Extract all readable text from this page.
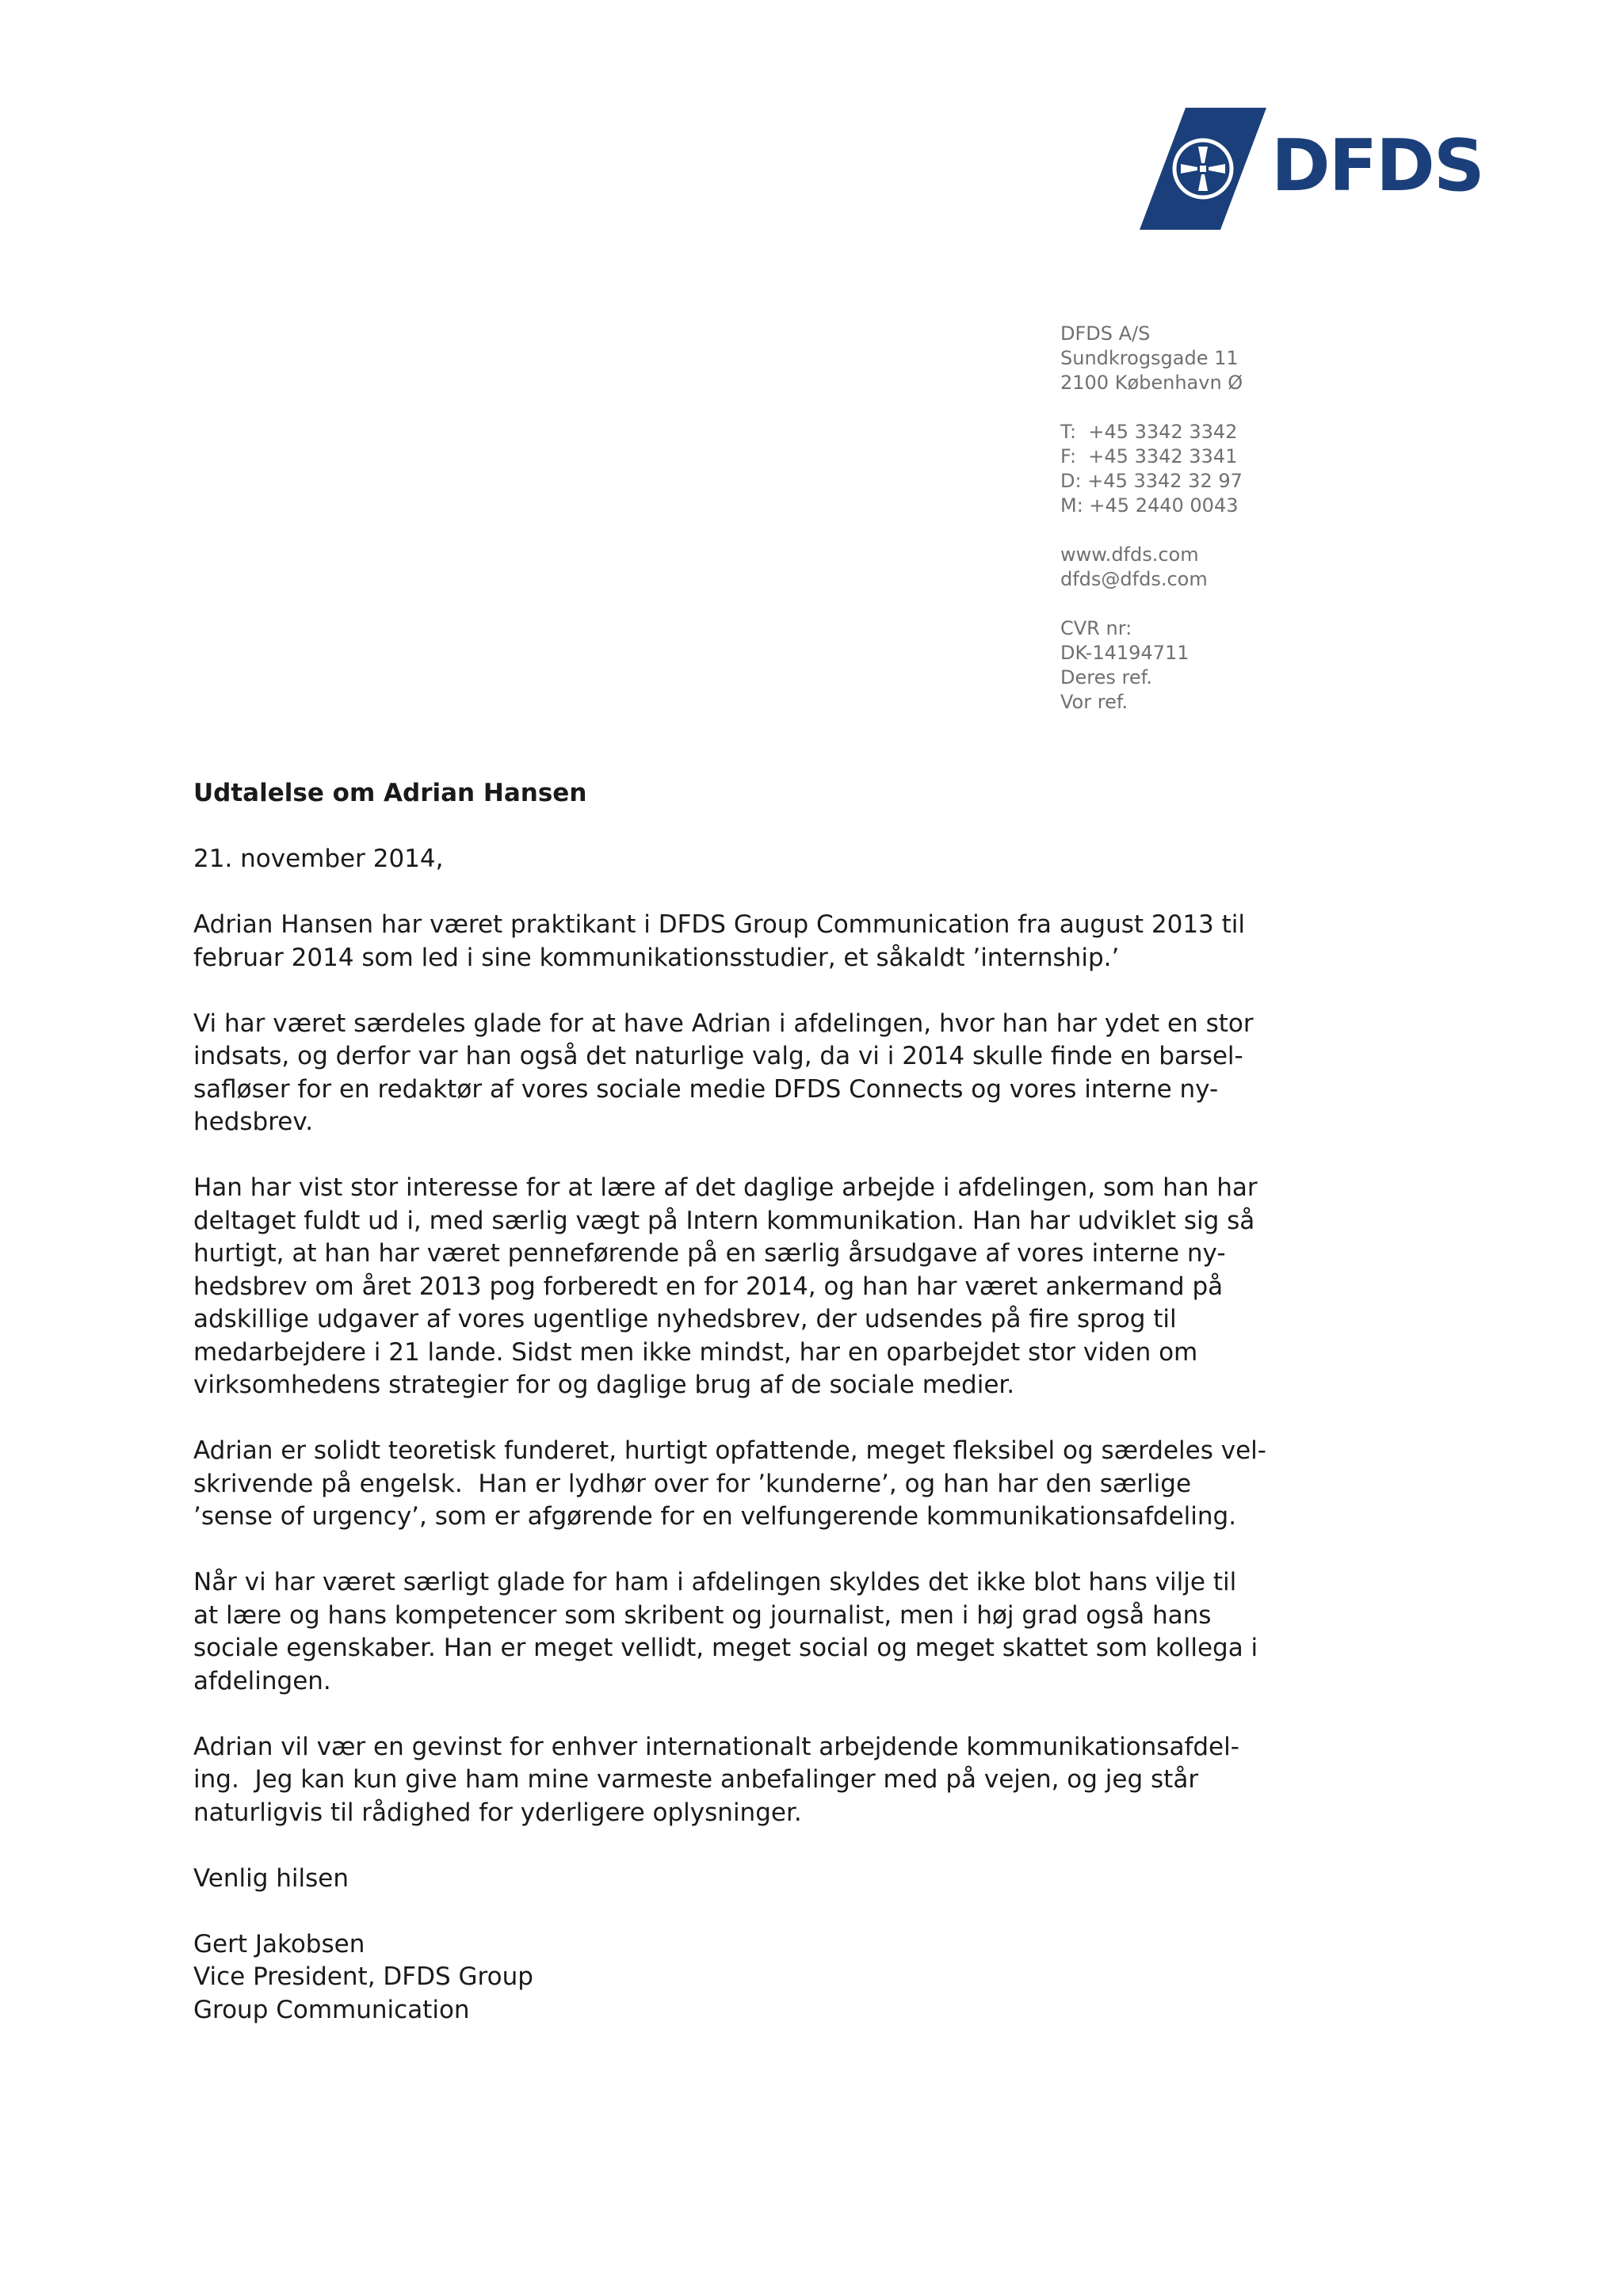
DFDS
DFDS A/S
Sundkrogsgade 11
2100 København Ø
T:  +45 3342 3342
F:  +45 3342 3341
D: +45 3342 32 97
M: +45 2440 0043
www.dfds.com
dfds@dfds.com
CVR nr:
DK-14194711
Deres ref.
Vor ref.
Udtalelse om Adrian Hansen
21. november 2014,
Adrian Hansen har været praktikant i DFDS Group Communication fra august 2013 til
februar 2014 som led i sine kommunikationsstudier, et såkaldt ’internship.’
Vi har været særdeles glade for at have Adrian i afdelingen, hvor han har ydet en stor
indsats, og derfor var han også det naturlige valg, da vi i 2014 skulle finde en barsel-
safløser for en redaktør af vores sociale medie DFDS Connects og vores interne ny-
hedsbrev.
Han har vist stor interesse for at lære af det daglige arbejde i afdelingen, som han har
deltaget fuldt ud i, med særlig vægt på Intern kommunikation. Han har udviklet sig så
hurtigt, at han har været penneførende på en særlig årsudgave af vores interne ny-
hedsbrev om året 2013 pog forberedt en for 2014, og han har været ankermand på
adskillige udgaver af vores ugentlige nyhedsbrev, der udsendes på fire sprog til
medarbejdere i 21 lande. Sidst men ikke mindst, har en oparbejdet stor viden om
virksomhedens strategier for og daglige brug af de sociale medier.
Adrian er solidt teoretisk funderet, hurtigt opfattende, meget fleksibel og særdeles vel-
skrivende på engelsk.  Han er lydhør over for ’kunderne’, og han har den særlige
’sense of urgency’, som er afgørende for en velfungerende kommunikationsafdeling.
Når vi har været særligt glade for ham i afdelingen skyldes det ikke blot hans vilje til
at lære og hans kompetencer som skribent og journalist, men i høj grad også hans
sociale egenskaber. Han er meget vellidt, meget social og meget skattet som kollega i
afdelingen.
Adrian vil vær en gevinst for enhver internationalt arbejdende kommunikationsafdel-
ing.  Jeg kan kun give ham mine varmeste anbefalinger med på vejen, og jeg står
naturligvis til rådighed for yderligere oplysninger.
Venlig hilsen
Gert Jakobsen
Vice President, DFDS Group
Group Communication
